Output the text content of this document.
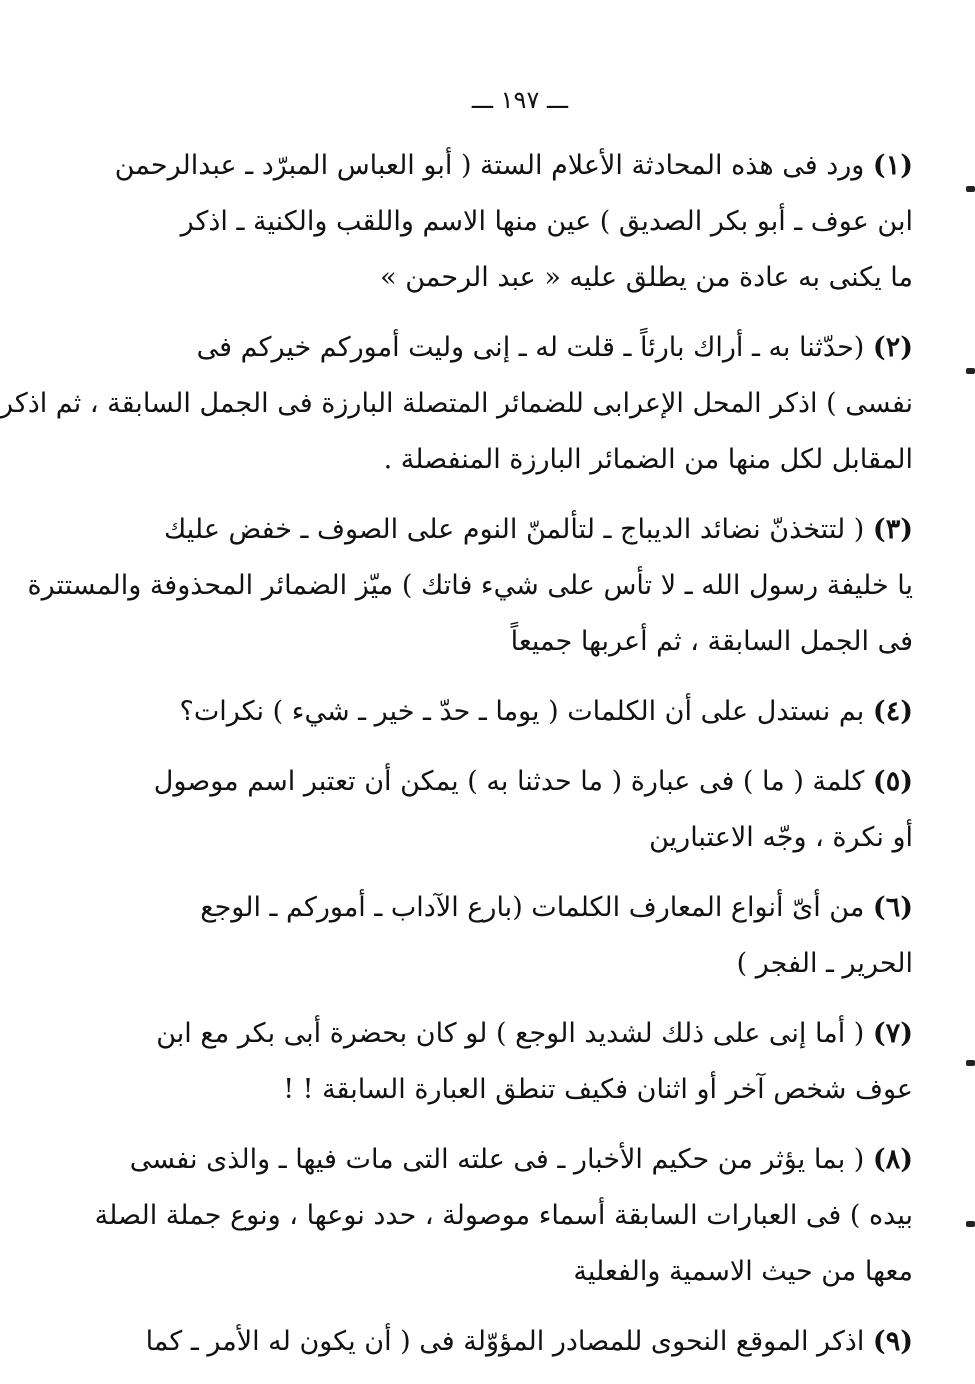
ـــ ١٩٧ ـــ

(١) ورد فى هذه المحادثة الأعلام الستة ( أبو العباس المبرّد ـ عبدالرحمن
ابن عوف ـ أبو بكر الصديق ) عين منها الاسم واللقب والكنية ـ اذكر
ما يكنى به عادة من يطلق عليه « عبد الرحمن »

(٢) (حدّثنا به ـ أراك بارئاً ـ قلت له ـ إنى وليت أموركم خيركم فى
نفسى ) اذكر المحل الإعرابى للضمائر المتصلة البارزة فى الجمل السابقة ، ثم اذكر
المقابل لكل منها من الضمائر البارزة المنفصلة .

(٣) ( لتتخذنّ نضائد الديباج ـ لتألمنّ النوم على الصوف ـ خفض عليك
يا خليفة رسول الله ـ لا تأس على شيء فاتك ) ميّز الضمائر المحذوفة والمستترة
فى الجمل السابقة ، ثم أعربها جميعاً

(٤) بم نستدل على أن الكلمات ( يوما ـ حدّ ـ خير ـ شيء ) نكرات؟

(٥) كلمة ( ما ) فى عبارة ( ما حدثنا به ) يمكن أن تعتبر اسم موصول
أو نكرة ، وجّه الاعتبارين

(٦) من أىّ أنواع المعارف الكلمات (بارع الآداب ـ أموركم ـ الوجع
الحرير ـ الفجر )

(٧) ( أما إنى على ذلك لشديد الوجع ) لو كان بحضرة أبى بكر مع ابن
عوف شخص آخر أو اثنان فكيف تنطق العبارة السابقة ! !

(٨) ( بما يؤثر من حكيم الأخبار ـ فى علته التى مات فيها ـ والذى نفسى
بيده ) فى العبارات السابقة أسماء موصولة ، حدد نوعها ، ونوع جملة الصلة
معها من حيث الاسمية والفعلية

(٩) اذكر الموقع النحوى للمصادر المؤوّلة فى ( أن يكون له الأمر ـ كما
